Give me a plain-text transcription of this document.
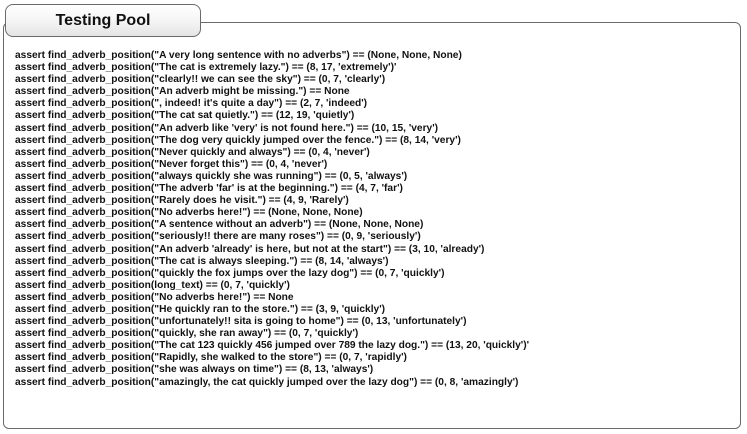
Testing Pool
assert find_adverb_position("A very long sentence with no adverbs") == (None, None, None)
assert find_adverb_position("The cat is extremely lazy.") == (8, 17, 'extremely')'
assert find_adverb_position("clearly!! we can see the sky") == (0, 7, 'clearly')
assert find_adverb_position("An adverb might be missing.") == None
assert find_adverb_position(", indeed! it's quite a day") == (2, 7, 'indeed')
assert find_adverb_position("The cat sat quietly.") == (12, 19, 'quietly')
assert find_adverb_position("An adverb like 'very' is not found here.") == (10, 15, 'very')
assert find_adverb_position("The dog very quickly jumped over the fence.") == (8, 14, 'very')
assert find_adverb_position("Never quickly and always") == (0, 4, 'never')
assert find_adverb_position("Never forget this") == (0, 4, 'never')
assert find_adverb_position("always quickly she was running") == (0, 5, 'always')
assert find_adverb_position("The adverb 'far' is at the beginning.") == (4, 7, 'far')
assert find_adverb_position("Rarely does he visit.") == (4, 9, 'Rarely')
assert find_adverb_position("No adverbs here!") == (None, None, None)
assert find_adverb_position("A sentence without an adverb") == (None, None, None)
assert find_adverb_position("seriously!! there are many roses") == (0, 9, 'seriously')
assert find_adverb_position("An adverb 'already' is here, but not at the start") == (3, 10, 'already')
assert find_adverb_position("The cat is always sleeping.") == (8, 14, 'always')
assert find_adverb_position("quickly the fox jumps over the lazy dog") == (0, 7, 'quickly')
assert find_adverb_position(long_text) == (0, 7, 'quickly')
assert find_adverb_position("No adverbs here!") == None
assert find_adverb_position("He quickly ran to the store.") == (3, 9, 'quickly')
assert find_adverb_position("unfortunately!! sita is going to home") == (0, 13, 'unfortunately')
assert find_adverb_position("quickly, she ran away") == (0, 7, 'quickly')
assert find_adverb_position("The cat 123 quickly 456 jumped over 789 the lazy dog.") == (13, 20, 'quickly')'
assert find_adverb_position("Rapidly, she walked to the store") == (0, 7, 'rapidly')
assert find_adverb_position("she was always on time") == (8, 13, 'always')
assert find_adverb_position("amazingly, the cat quickly jumped over the lazy dog") == (0, 8, 'amazingly')
